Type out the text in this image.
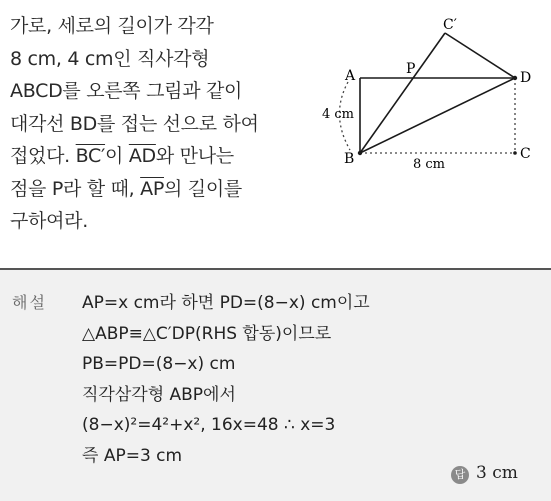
가로, 세로의 길이가 각각
8 cm, 4 cm인 직사각형
ABCD를 오른쪽 그림과 같이
대각선 BD를 접는 선으로 하여
접었다. BC′이 $\overline{AD}$와 만나는
점을 P라 할 때, $\overline{AP}$의 길이를
구하여라.
A	P
C′
D
B	C
4 cm
8 cm
해설 AP=x cm라 하면 PD=(8−x) cm이고
△ABP≡△C′DP(RHS 합동)이므로
PB=PD=(8−x) cm
직각삼각형 ABP에서
(8−x)²=4²+x², 16x=48 ∴ x=3
즉 AP=3 cm
답 3 cm
